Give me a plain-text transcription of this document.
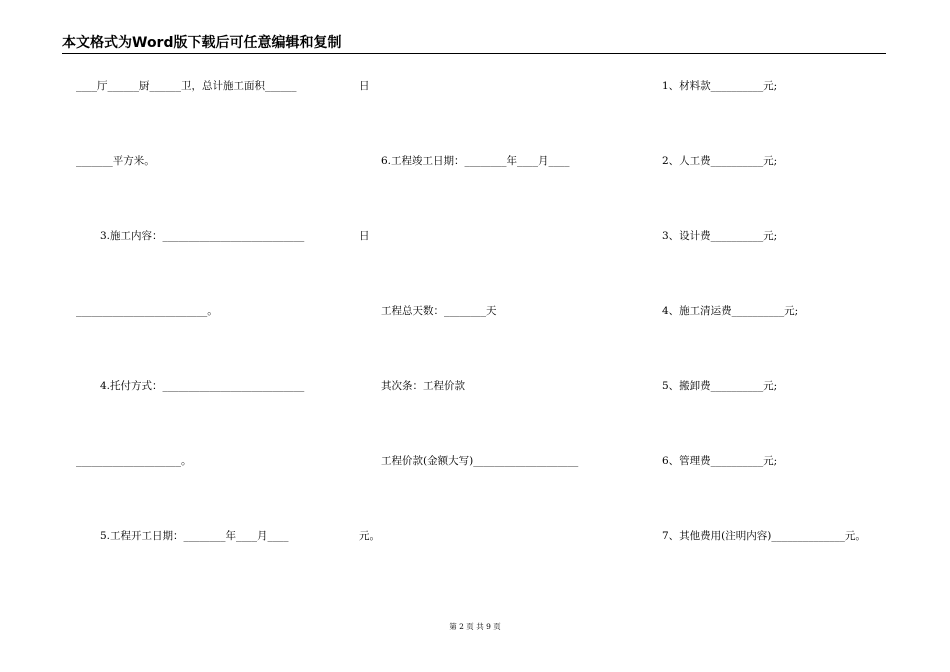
本文格式为Word版下载后可任意编辑和复制
____厅______厨______卫，总计施工面积______
_______平方米。
3.施工内容：___________________________
_________________________。
4.托付方式：___________________________
____________________。
5.工程开工日期：________年____月____
日
6.工程竣工日期：________年____月____
日
工程总天数：________天
其次条：工程价款
工程价款(金额大写)____________________
元。
1、材料款__________元;
2、人工费__________元;
3、设计费__________元;
4、施工清运费__________元;
5、搬卸费__________元;
6、管理费__________元;
7、其他费用(注明内容)______________元。
第 2 页 共 9 页
